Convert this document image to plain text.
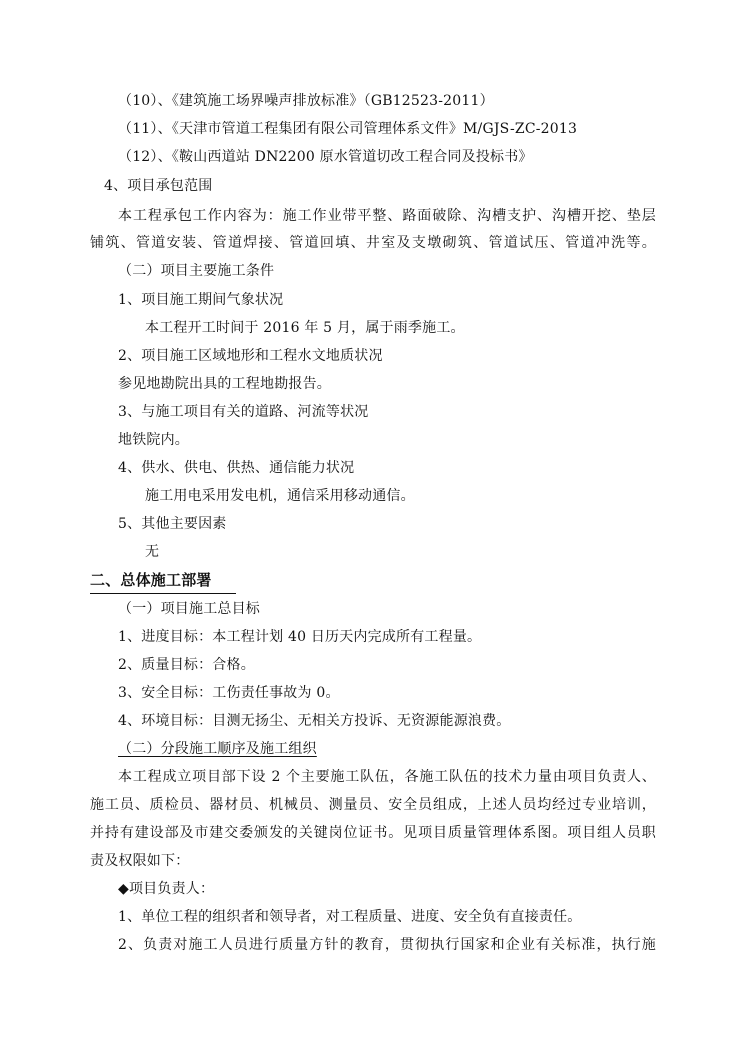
（10）、《建筑施工场界噪声排放标准》（GB12523-2011）
（11）、《天津市管道工程集团有限公司管理体系文件》M/GJS-ZC-2013
（12）、《鞍山西道站 DN2200 原水管道切改工程合同及投标书》
4、项目承包范围
本工程承包工作内容为：施工作业带平整、路面破除、沟槽支护、沟槽开挖、垫层
铺筑、管道安装、管道焊接、管道回填、井室及支墩砌筑、管道试压、管道冲洗等。
（二）项目主要施工条件
1、项目施工期间气象状况
本工程开工时间于 2016 年 5 月，属于雨季施工。
2、项目施工区域地形和工程水文地质状况
参见地勘院出具的工程地勘报告。
3、与施工项目有关的道路、河流等状况
地铁院内。
4、供水、供电、供热、通信能力状况
施工用电采用发电机，通信采用移动通信。
5、其他主要因素
无
二、总体施工部署
（一）项目施工总目标
1、进度目标：本工程计划 40 日历天内完成所有工程量。
2、质量目标：合格。
3、安全目标：工伤责任事故为 0。
4、环境目标：目测无扬尘、无相关方投诉、无资源能源浪费。
（二）分段施工顺序及施工组织
本工程成立项目部下设 2 个主要施工队伍，各施工队伍的技术力量由项目负责人、
施工员、质检员、器材员、机械员、测量员、安全员组成，上述人员均经过专业培训，
并持有建设部及市建交委颁发的关键岗位证书。见项目质量管理体系图。项目组人员职
责及权限如下：
◆项目负责人：
1、单位工程的组织者和领导者，对工程质量、进度、安全负有直接责任。
2、负责对施工人员进行质量方针的教育，贯彻执行国家和企业有关标准，执行施
